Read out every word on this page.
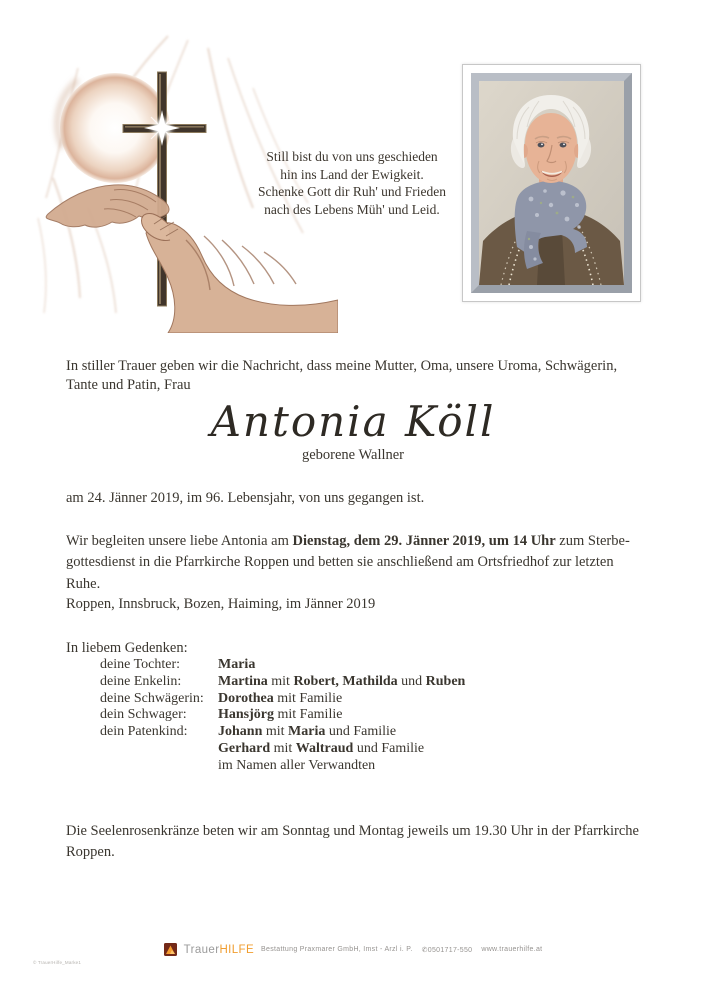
Still bist du von uns geschieden
hin ins Land der Ewigkeit.
Schenke Gott dir Ruh' und Frieden
nach des Lebens Müh' und Leid.

In stiller Trauer geben wir die Nachricht, dass meine Mutter, Oma, unsere Uroma, Schwägerin, Tante und Patin, Frau

Antonia Köll
geborene Wallner

am 24. Jänner 2019, im 96. Lebensjahr, von uns gegangen ist.

Wir begleiten unsere liebe Antonia am Dienstag, dem 29. Jänner 2019, um 14 Uhr zum Sterbegottesdienst in die Pfarrkirche Roppen und betten sie anschließend am Ortsfriedhof zur letzten Ruhe.

Roppen, Innsbruck, Bozen, Haiming, im Jänner 2019

In liebem Gedenken:

deine Tochter:	Maria
deine Enkelin:	Martina mit Robert, Mathilda und Ruben
deine Schwägerin:	Dorothea mit Familie
dein Schwager:	Hansjörg mit Familie
dein Patenkind:	Johann mit Maria und Familie
Gerhard mit Waltraud und Familie
im Namen aller Verwandten

Die Seelenrosenkränze beten wir am Sonntag und Montag jeweils um 19.30 Uhr in der Pfarrkirche Roppen.

TrauerHILFE Bestattung Praxmarer GmbH, Imst - Arzl i. P. ✆0501717-550 www.trauerhilfe.at
© TrauerHilfe_Marke1
